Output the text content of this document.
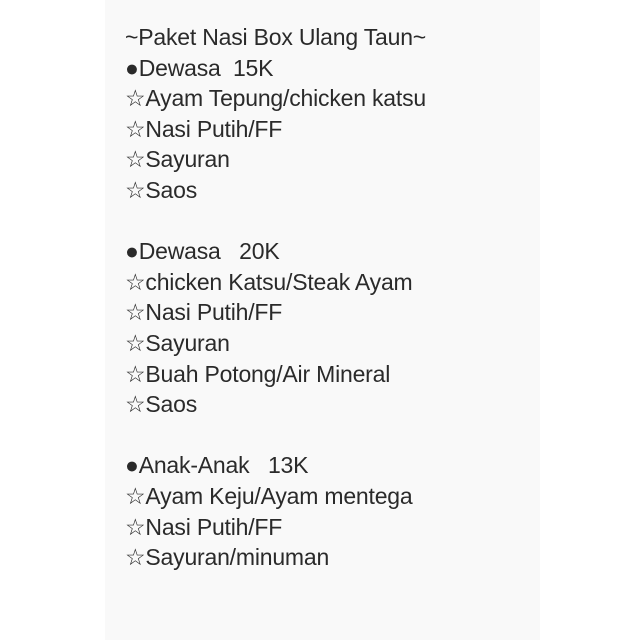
~Paket Nasi Box Ulang Taun~
●Dewasa  15K
☆Ayam Tepung/chicken katsu
☆Nasi Putih/FF
☆Sayuran
☆Saos
●Dewasa   20K
☆chicken Katsu/Steak Ayam
☆Nasi Putih/FF
☆Sayuran
☆Buah Potong/Air Mineral
☆Saos
●Anak-Anak   13K
☆Ayam Keju/Ayam mentega
☆Nasi Putih/FF
☆Sayuran/minuman
